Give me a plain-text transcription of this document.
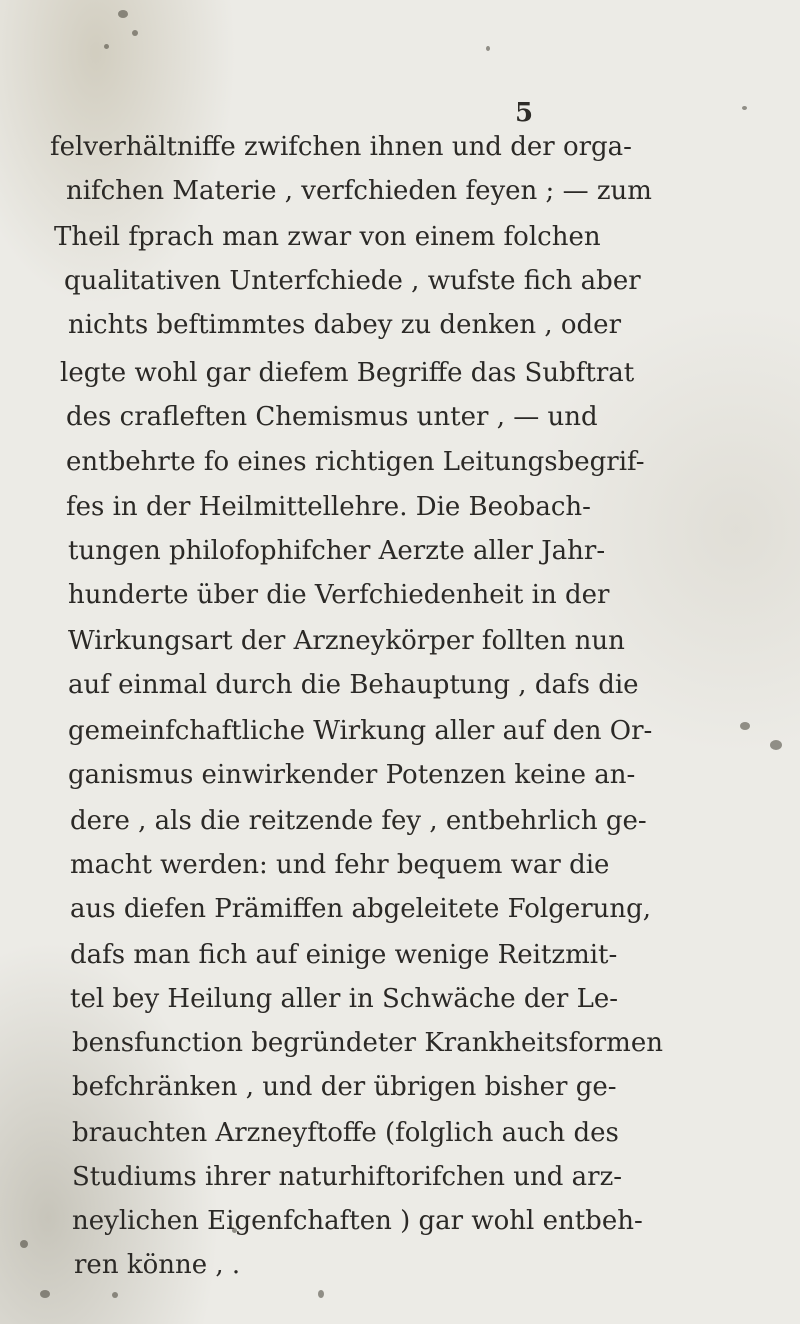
5
felverhältniffe zwifchen ihnen und der orga-
nifchen Materie , verfchieden feyen ; — zum
Theil fprach man zwar von einem folchen
qualitativen Unterfchiede , wufste fich aber
nichts beftimmtes dabey zu denken , oder
legte wohl gar diefem Begriffe das Subftrat
des crafleften Chemismus unter , — und
entbehrte fo eines richtigen Leitungsbegrif-
fes in der Heilmittellehre. Die Beobach-
tungen philofophifcher Aerzte aller Jahr-
hunderte über die Verfchiedenheit in der
Wirkungsart der Arzneykörper follten nun
auf einmal durch die Behauptung , dafs die
gemeinfchaftliche Wirkung aller auf den Or-
ganismus einwirkender Potenzen keine an-
dere , als die reitzende fey , entbehrlich ge-
macht werden: und fehr bequem war die
aus diefen Prämiffen abgeleitete Folgerung,
dafs man fich auf einige wenige Reitzmit-
tel bey Heilung aller in Schwäche der Le-
bensfunction begründeter Krankheitsformen
befchränken , und der übrigen bisher ge-
brauchten Arzneyftoffe (folglich auch des
Studiums ihrer naturhiftorifchen und arz-
neylichen Eigenfchaften ) gar wohl entbeh-
ren könne , .
